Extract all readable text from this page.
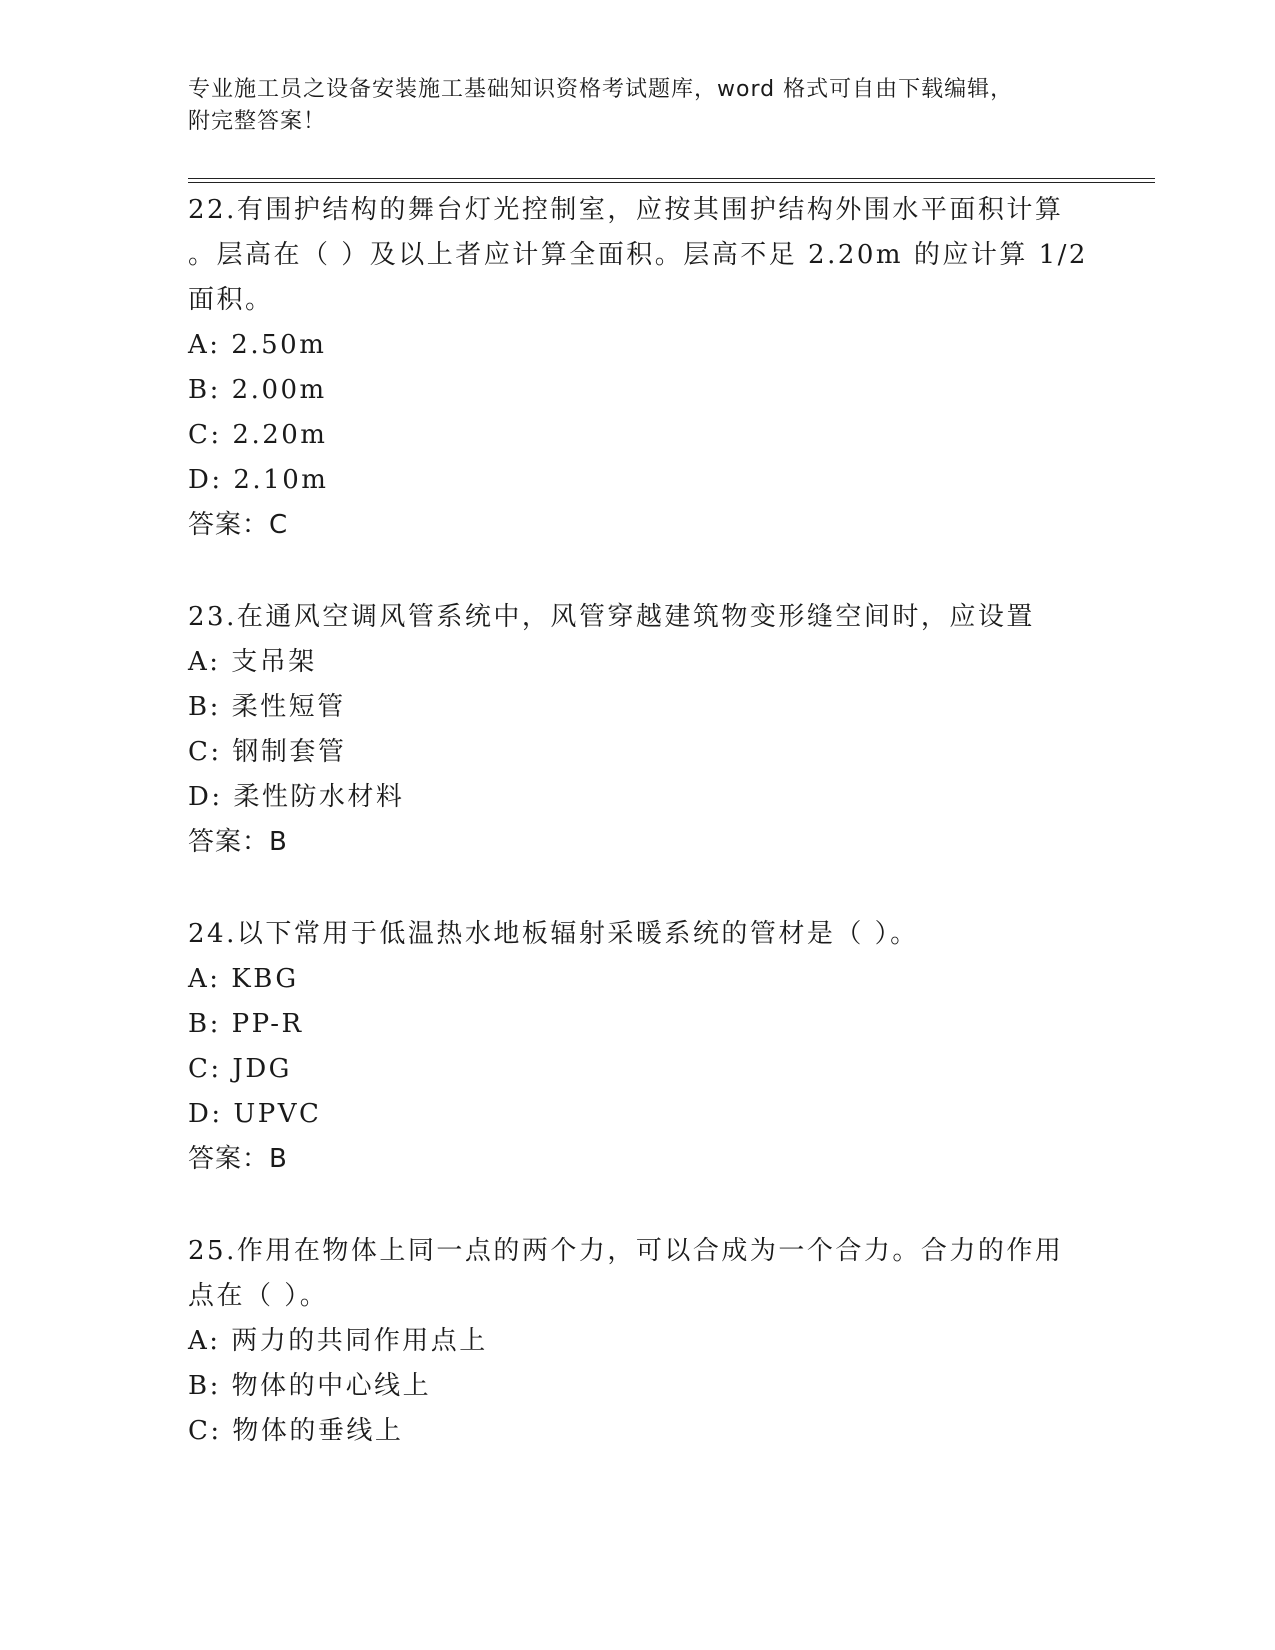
专业施工员之设备安装施工基础知识资格考试题库，word 格式可自由下载编辑，
附完整答案！

22.有围护结构的舞台灯光控制室，应按其围护结构外围水平面积计算

。层高在（ ）及以上者应计算全面积。层高不足 2.20m 的应计算 1/2

面积。

A: 2.50m

B: 2.00m

C: 2.20m

D: 2.10m

答案：C

23.在通风空调风管系统中，风管穿越建筑物变形缝空间时，应设置

A: 支吊架

B: 柔性短管

C: 钢制套管

D: 柔性防水材料

答案：B

24.以下常用于低温热水地板辐射采暖系统的管材是（ ）。

A: KBG

B: PP-R

C: JDG

D: UPVC

答案：B

25.作用在物体上同一点的两个力，可以合成为一个合力。合力的作用

点在（ ）。

A: 两力的共同作用点上

B: 物体的中心线上

C: 物体的垂线上
